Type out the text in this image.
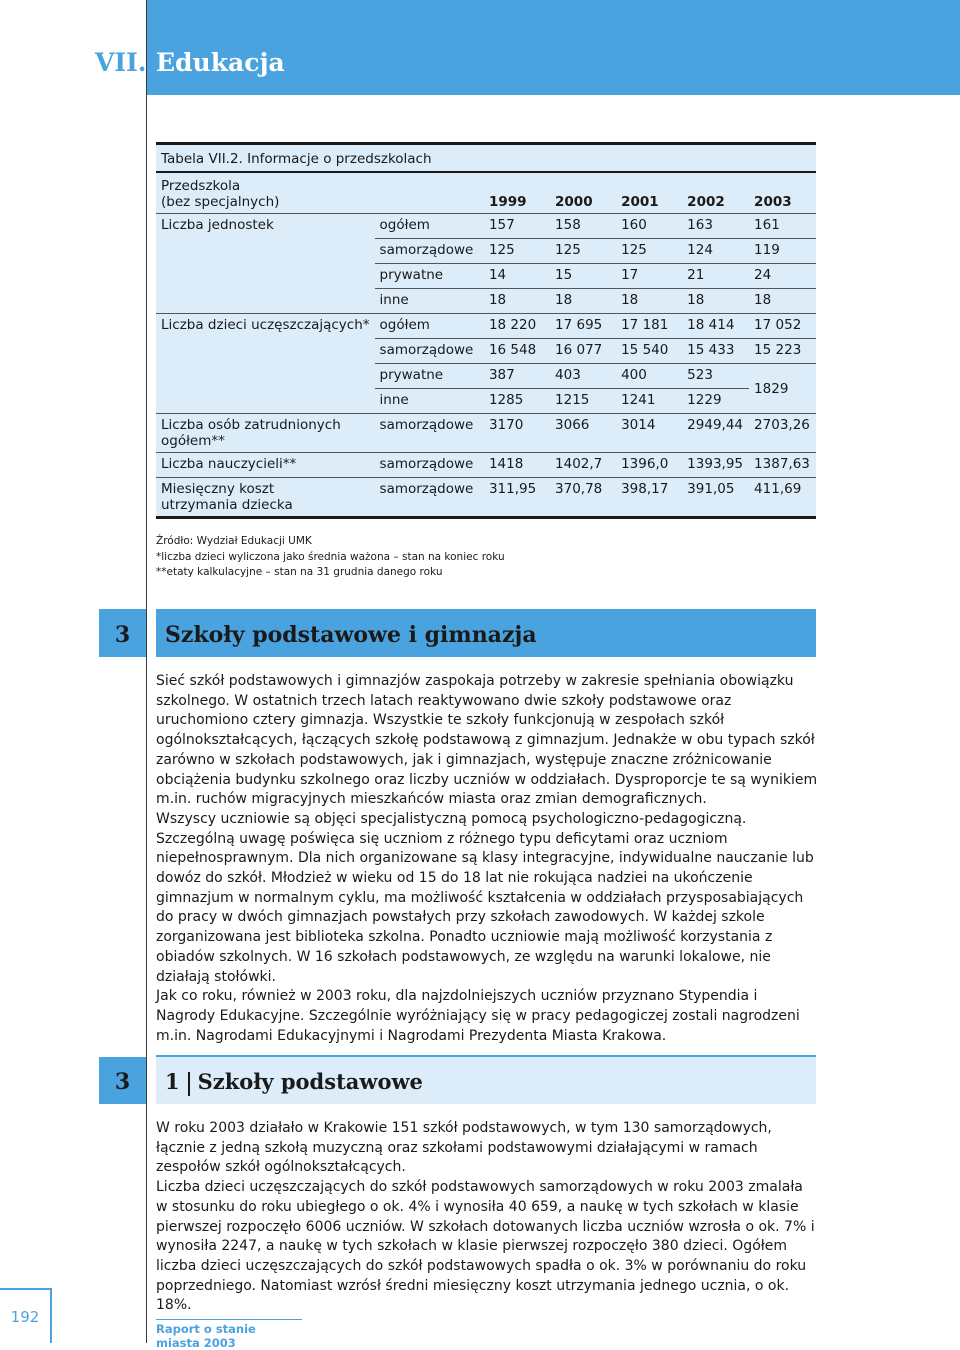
VII. Edukacja
Tabela VII.2. Informacje o przedszkolach
Przedszkola
(bez specjalnych)		1999	2000	2001	2002	2003
Liczba jednostek	ogółem	157	158	160	163	161
	samorządowe	125	125	125	124	119
	prywatne	14	15	17	21	24
	inne	18	18	18	18	18
Liczba dzieci uczęszczających*	ogółem	18 220	17 695	17 181	18 414	17 052
	samorządowe	16 548	16 077	15 540	15 433	15 223
	prywatne	387	403	400	523	1829
	inne	1285	1215	1241	1229	
Liczba osób zatrudnionych
ogółem**	samorządowe	3170	3066	3014	2949,44	2703,26
Liczba nauczycieli**	samorządowe	1418	1402,7	1396,0	1393,95	1387,63
Miesięczny koszt
utrzymania dziecka	samorządowe	311,95	370,78	398,17	391,05	411,69
Źródło: Wydział Edukacji UMK
*liczba dzieci wyliczona jako średnia ważona – stan na koniec roku
**etaty kalkulacyjne – stan na 31 grudnia danego roku
3	Szkoły podstawowe i gimnazja

Sieć szkół podstawowych i gimnazjów zaspokaja potrzeby w zakresie spełniania obowiązku szkolnego. W ostatnich trzech latach reaktywowano dwie szkoły podstawowe oraz uruchomiono cztery gimnazja. Wszystkie te szkoły funkcjonują w zespołach szkół ogólnokształcących, łączących szkołę podstawową z gimnazjum. Jednakże w obu typach szkół zarówno w szkołach podstawowych, jak i gimnazjach, występuje znaczne zróżnicowanie obciążenia budynku szkolnego oraz liczby uczniów w oddziałach. Dysproporcje te są wynikiem m.in. ruchów migracyjnych mieszkańców miasta oraz zmian demograficznych.

Wszyscy uczniowie są objęci specjalistyczną pomocą psychologiczno-pedagogiczną. Szczególną uwagę poświęca się uczniom z różnego typu deficytami oraz uczniom niepełnosprawnym. Dla nich organizowane są klasy integracyjne, indywidualne nauczanie lub dowóz do szkół. Młodzież w wieku od 15 do 18 lat nie rokująca nadziei na ukończenie gimnazjum w normalnym cyklu, ma możliwość kształcenia w oddziałach przysposabiających do pracy w dwóch gimnazjach powstałych przy szkołach zawodowych. W każdej szkole zorganizowana jest biblioteka szkolna. Ponadto uczniowie mają możliwość korzystania z obiadów szkolnych. W 16 szkołach podstawowych, ze względu na warunki lokalowe, nie działają stołówki.

Jak co roku, również w 2003 roku, dla najzdolniejszych uczniów przyznano Stypendia i Nagrody Edukacyjne. Szczególnie wyróżniający się w pracy pedagogiczej zostali nagrodzeni m.in. Nagrodami Edukacyjnymi i Nagrodami Prezydenta Miasta Krakowa.

3	1 Szkoły podstawowe

W roku 2003 działało w Krakowie 151 szkół podstawowych, w tym 130 samorządowych, łącznie z jedną szkołą muzyczną oraz szkołami podstawowymi działającymi w ramach zespołów szkół ogólnokształcących.

Liczba dzieci uczęszczających do szkół podstawowych samorządowych w roku 2003 zmalała w stosunku do roku ubiegłego o ok. 4% i wynosiła 40 659, a naukę w tych szkołach w klasie pierwszej rozpoczęło 6006 uczniów. W szkołach dotowanych liczba uczniów wzrosła o ok. 7% i wynosiła 2247, a naukę w tych szkołach w klasie pierwszej rozpoczęło 380 dzieci. Ogółem liczba dzieci uczęszczających do szkół podstawowych spadła o ok. 3% w porównaniu do roku poprzedniego. Natomiast wzrósł średni miesięczny koszt utrzymania jednego ucznia, o ok. 18%.

192
Raport o stanie miasta 2003
